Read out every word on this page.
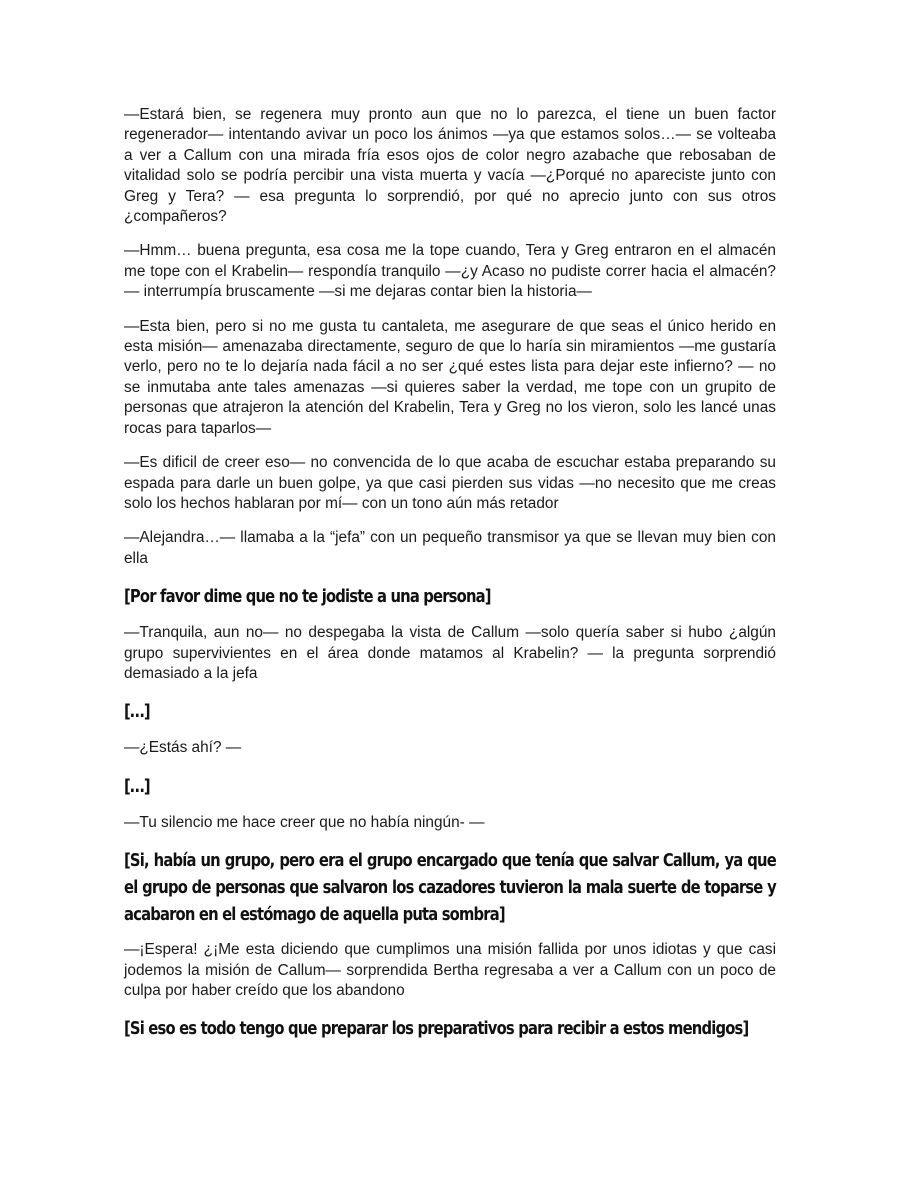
—Estará bien, se regenera muy pronto aun que no lo parezca, el tiene un buen factor regenerador— intentando avivar un poco los ánimos —ya que estamos solos…— se volteaba a ver a Callum con una mirada fría esos ojos de color negro azabache que rebosaban de vitalidad solo se podría percibir una vista muerta y vacía —¿Porqué no apareciste junto con Greg y Tera? — esa pregunta lo sorprendió, por qué no aprecio junto con sus otros ¿compañeros?

—Hmm… buena pregunta, esa cosa me la tope cuando, Tera y Greg entraron en el almacén me tope con el Krabelin— respondía tranquilo —¿y Acaso no pudiste correr hacia el almacén? — interrumpía bruscamente —si me dejaras contar bien la historia—

—Esta bien, pero si no me gusta tu cantaleta, me asegurare de que seas el único herido en esta misión— amenazaba directamente, seguro de que lo haría sin miramientos —me gustaría verlo, pero no te lo dejaría nada fácil a no ser ¿qué estes lista para dejar este infierno? — no se inmutaba ante tales amenazas —si quieres saber la verdad, me tope con un grupito de personas que atrajeron la atención del Krabelin, Tera y Greg no los vieron, solo les lancé unas rocas para taparlos—

—Es dificil de creer eso— no convencida de lo que acaba de escuchar estaba preparando su espada para darle un buen golpe, ya que casi pierden sus vidas —no necesito que me creas solo los hechos hablaran por mí— con un tono aún más retador

—Alejandra…— llamaba a la “jefa” con un pequeño transmisor ya que se llevan muy bien con ella

[Por favor dime que no te jodiste a una persona]

—Tranquila, aun no— no despegaba la vista de Callum —solo quería saber si hubo ¿algún grupo supervivientes en el área donde matamos al Krabelin? — la pregunta sorprendió demasiado a la jefa

[…]

—¿Estás ahí? —

[…]

—Tu silencio me hace creer que no había ningún- —

[Si, había un grupo, pero era el grupo encargado que tenía que salvar Callum, ya que el grupo de personas que salvaron los cazadores tuvieron la mala suerte de toparse y acabaron en el estómago de aquella puta sombra]

—¡Espera! ¿¡Me esta diciendo que cumplimos una misión fallida por unos idiotas y que casi jodemos la misión de Callum— sorprendida Bertha regresaba a ver a Callum con un poco de culpa por haber creído que los abandono

[Si eso es todo tengo que preparar los preparativos para recibir a estos mendigos]
